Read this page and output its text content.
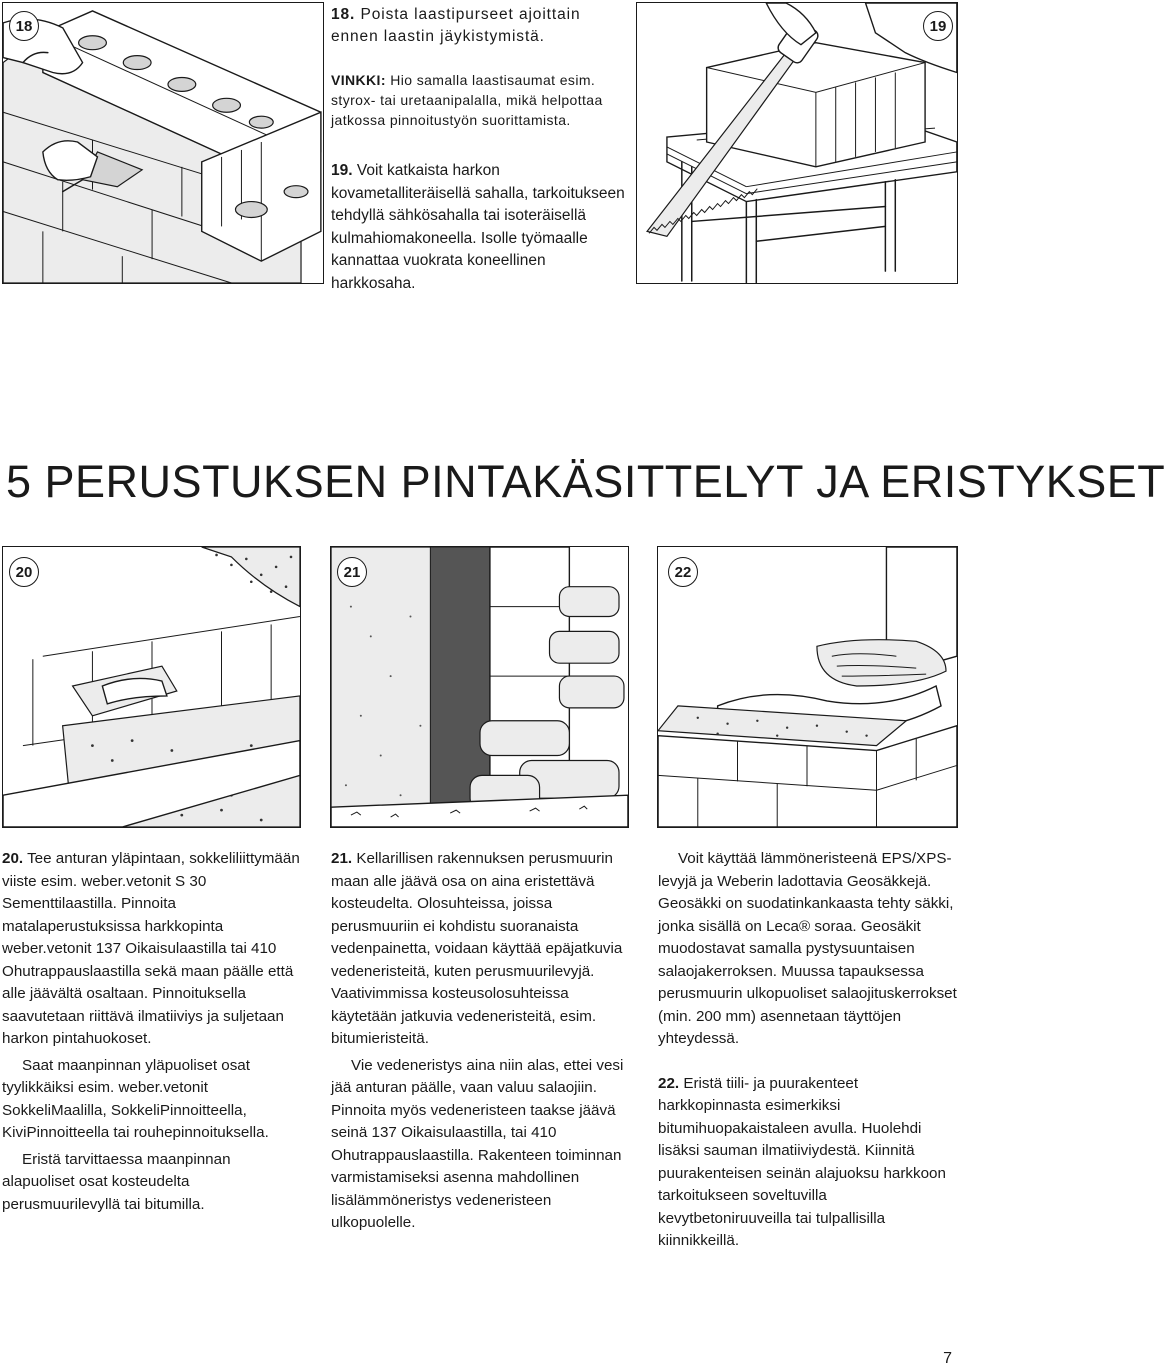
18

18. Poista laastipurseet ajoittain ennen laastin jäykistymistä.

VINKKI: Hio samalla laastisaumat esim. styrox- tai uretaanipalalla, mikä helpottaa jatkossa pinnoitustyön suorittamista.

19. Voit katkaista harkon kovametalliteräisellä sahalla, tarkoitukseen tehdyllä sähkösahalla tai isoteräisellä kulmahiomakoneella. Isolle työmaalle kannattaa vuokrata koneellinen harkkosaha.
19
5 PERUSTUKSEN PINTAKÄSITTELYT JA ERISTYKSET
20	21	22

20. Tee anturan yläpintaan, sokkeliliittymään viiste esim. weber.vetonit S 30 Sementtilaastilla. Pinnoita matalaperustuksissa harkkopinta weber.vetonit 137 Oikaisulaastilla tai 410 Ohutrappauslaastilla sekä maan päälle että alle jäävältä osaltaan. Pinnoituksella saavutetaan riittävä ilmatiiviys ja suljetaan harkon pintahuokoset.

Saat maanpinnan yläpuoliset osat tyylikkäiksi esim. weber.vetonit SokkeliMaalilla, SokkeliPinnoitteella, KiviPinnoitteella tai rouhepinnoituksella.

Eristä tarvittaessa maanpinnan alapuoliset osat kosteudelta perusmuurilevyllä tai bitumilla.

21. Kellarillisen rakennuksen perusmuurin maan alle jäävä osa on aina eristettävä kosteudelta. Olosuhteissa, joissa perusmuuriin ei kohdistu suoranaista vedenpainetta, voidaan käyttää epäjatkuvia vedeneristeitä, kuten perusmuurilevyjä. Vaativimmissa kosteusolosuhteissa käytetään jatkuvia vedeneristeitä, esim. bitumieristeitä.

Vie vedeneristys aina niin alas, ettei vesi jää anturan päälle, vaan valuu salaojiin. Pinnoita myös vedeneristeen taakse jäävä seinä 137 Oikaisulaastilla, tai 410 Ohutrappauslaastilla. Rakenteen toiminnan varmistamiseksi asenna mahdollinen lisälämmöneristys vedeneristeen ulkopuolelle.

Voit käyttää lämmöneristeenä EPS/XPS-levyjä ja Weberin ladottavia Geosäkkejä. Geosäkki on suodatinkankaasta tehty säkki, jonka sisällä on Leca® soraa. Geosäkit muodostavat samalla pystysuuntaisen salaojakerroksen. Muussa tapauksessa perusmuurin ulkopuoliset salaojituskerrokset (min. 200 mm) asennetaan täyttöjen yhteydessä.

22. Eristä tiili- ja puurakenteet harkkopinnasta esimerkiksi bitumihuopakaistaleen avulla. Huolehdi lisäksi sauman ilmatiiviydestä. Kiinnitä puurakenteisen seinän alajuoksu harkkoon tarkoitukseen soveltuvilla kevytbetoniruuveilla tai tulpallisilla kiinnikkeillä.

7
